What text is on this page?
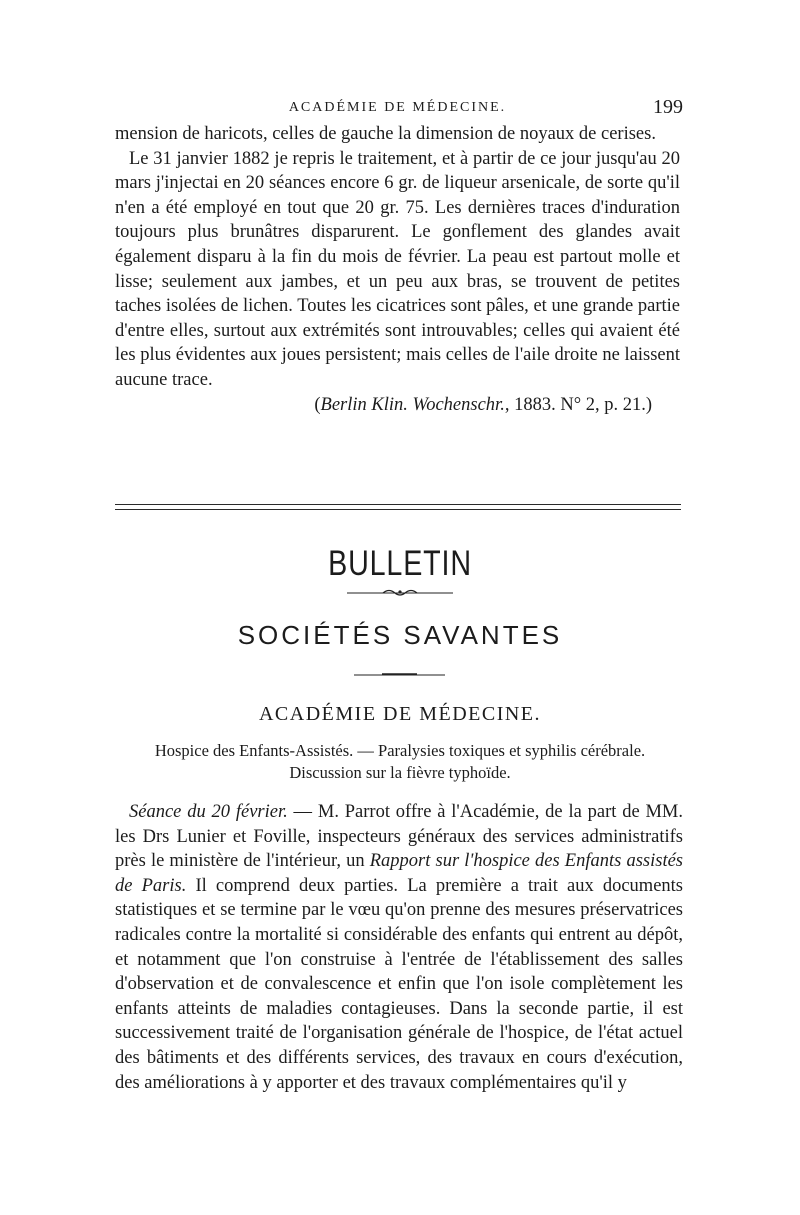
ACADÉMIE DE MÉDECINE.	199

mension de haricots, celles de gauche la dimension de noyaux de cerises.

Le 31 janvier 1882 je repris le traitement, et à partir de ce jour jusqu'au 20 mars j'injectai en 20 séances encore 6 gr. de liqueur arsenicale, de sorte qu'il n'en a été employé en tout que 20 gr. 75. Les dernières traces d'induration toujours plus brunâtres disparurent. Le gonflement des glandes avait également disparu à la fin du mois de février. La peau est partout molle et lisse; seulement aux jambes, et un peu aux bras, se trouvent de petites taches isolées de lichen. Toutes les cicatrices sont pâles, et une grande partie d'entre elles, surtout aux extrémités sont introuvables; celles qui avaient été les plus évidentes aux joues persistent; mais celles de l'aile droite ne laissent aucune trace.

(Berlin Klin. Wochenschr., 1883. N° 2, p. 21.)

BULLETIN
SOCIÉTÉS SAVANTES
ACADÉMIE DE MÉDECINE.
Hospice des Enfants-Assistés. — Paralysies toxiques et syphilis cérébrale.
Discussion sur la fièvre typhoïde.

Séance du 20 février. — M. Parrot offre à l'Académie, de la part de MM. les Drs Lunier et Foville, inspecteurs généraux des services administratifs près le ministère de l'intérieur, un Rapport sur l'hospice des Enfants assistés de Paris. Il comprend deux parties. La première a trait aux documents statistiques et se termine par le vœu qu'on prenne des mesures préservatrices radicales contre la mortalité si considérable des enfants qui entrent au dépôt, et notamment que l'on construise à l'entrée de l'établissement des salles d'observation et de convalescence et enfin que l'on isole complètement les enfants atteints de maladies contagieuses. Dans la seconde partie, il est successivement traité de l'organisation générale de l'hospice, de l'état actuel des bâtiments et des différents services, des travaux en cours d'exécution, des améliorations à y apporter et des travaux complémentaires qu'il y
